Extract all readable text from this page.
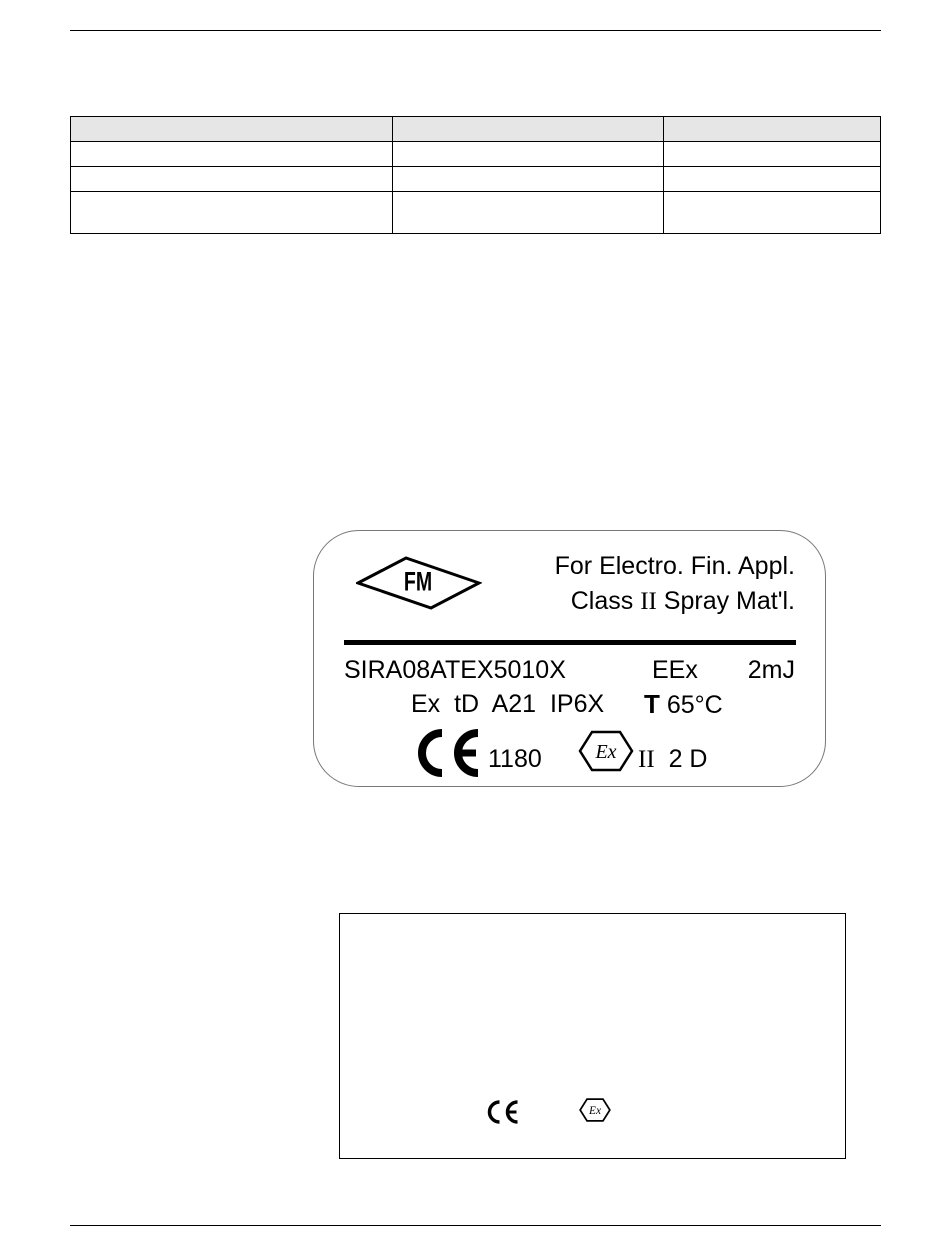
FM
For Electro. Fin. Appl.
Class II Spray Mat'l.
SIRA08ATEX5010X	EEx 2mJ
Ex  tD  A21  IP6X T 65°C
1180	Ex II 2 D
Ex
